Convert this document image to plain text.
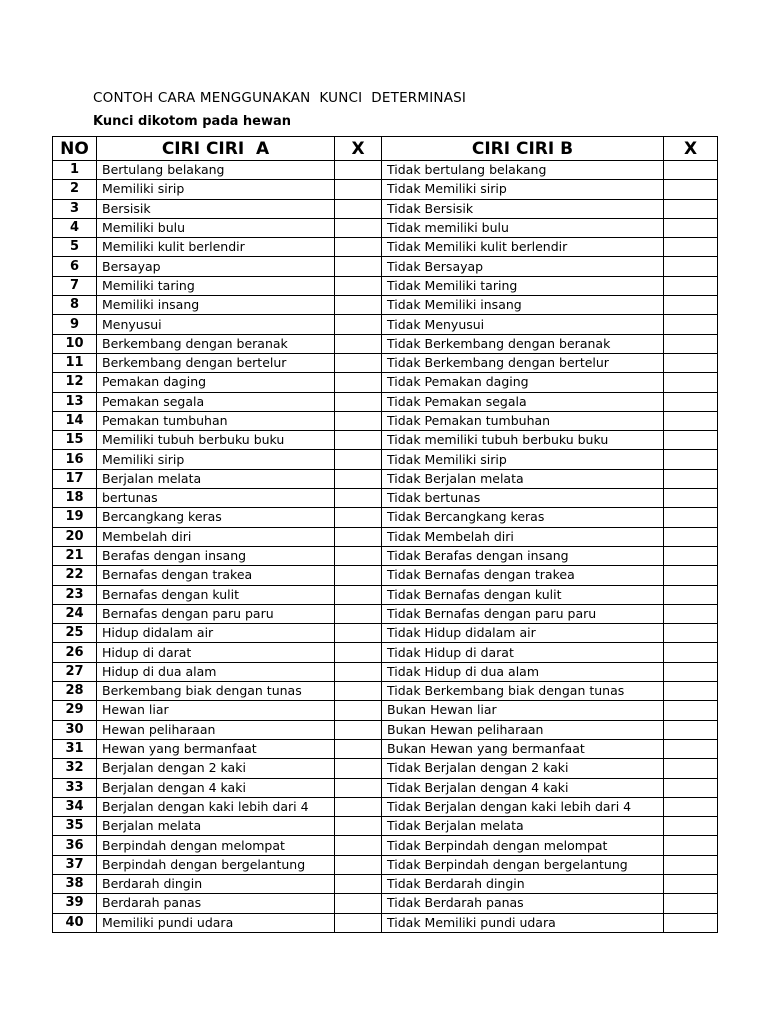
CONTOH CARA MENGGUNAKAN  KUNCI  DETERMINASI
Kunci dikotom pada hewan
NO	CIRI CIRI  A	X	CIRI CIRI B	X
1	Bertulang belakang		Tidak bertulang belakang	
2	Memiliki sirip		Tidak Memiliki sirip	
3	Bersisik		Tidak Bersisik	
4	Memiliki bulu		Tidak memiliki bulu	
5	Memiliki kulit berlendir		Tidak Memiliki kulit berlendir	
6	Bersayap		Tidak Bersayap	
7	Memiliki taring		Tidak Memiliki taring	
8	Memiliki insang		Tidak Memiliki insang	
9	Menyusui		Tidak Menyusui	
10	Berkembang dengan beranak		Tidak Berkembang dengan beranak	
11	Berkembang dengan bertelur		Tidak Berkembang dengan bertelur	
12	Pemakan daging		Tidak Pemakan daging	
13	Pemakan segala		Tidak Pemakan segala	
14	Pemakan tumbuhan		Tidak Pemakan tumbuhan	
15	Memiliki tubuh berbuku buku		Tidak memiliki tubuh berbuku buku	
16	Memiliki sirip		Tidak Memiliki sirip	
17	Berjalan melata		Tidak Berjalan melata	
18	bertunas		Tidak bertunas	
19	Bercangkang keras		Tidak Bercangkang keras	
20	Membelah diri		Tidak Membelah diri	
21	Berafas dengan insang		Tidak Berafas dengan insang	
22	Bernafas dengan trakea		Tidak Bernafas dengan trakea	
23	Bernafas dengan kulit		Tidak Bernafas dengan kulit	
24	Bernafas dengan paru paru		Tidak Bernafas dengan paru paru	
25	Hidup didalam air		Tidak Hidup didalam air	
26	Hidup di darat		Tidak Hidup di darat	
27	Hidup di dua alam		Tidak Hidup di dua alam	
28	Berkembang biak dengan tunas		Tidak Berkembang biak dengan tunas	
29	Hewan liar		Bukan Hewan liar	
30	Hewan peliharaan		Bukan Hewan peliharaan	
31	Hewan yang bermanfaat		Bukan Hewan yang bermanfaat	
32	Berjalan dengan 2 kaki		Tidak Berjalan dengan 2 kaki	
33	Berjalan dengan 4 kaki		Tidak Berjalan dengan 4 kaki	
34	Berjalan dengan kaki lebih dari 4		Tidak Berjalan dengan kaki lebih dari 4	
35	Berjalan melata		Tidak Berjalan melata	
36	Berpindah dengan melompat		Tidak Berpindah dengan melompat	
37	Berpindah dengan bergelantung		Tidak Berpindah dengan bergelantung	
38	Berdarah dingin		Tidak Berdarah dingin	
39	Berdarah panas		Tidak Berdarah panas	
40	Memiliki pundi udara		Tidak Memiliki pundi udara	
